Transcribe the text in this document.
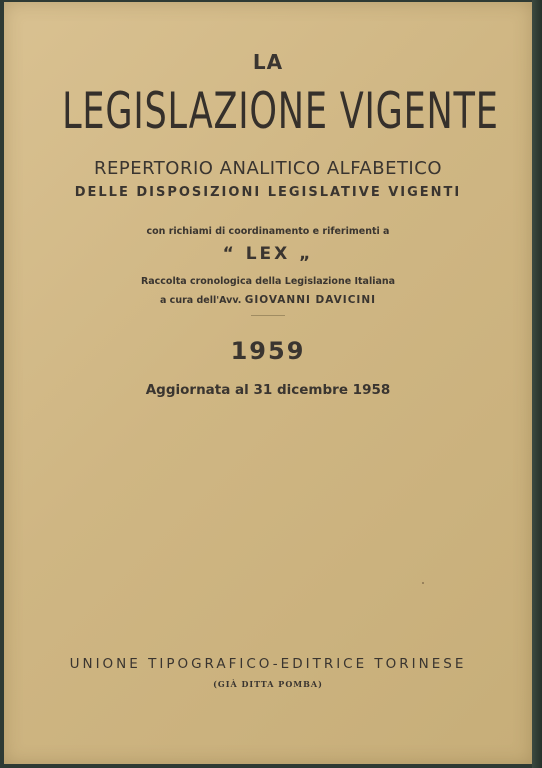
LA
LEGISLAZIONE VIGENTE
REPERTORIO ANALITICO ALFABETICO
DELLE DISPOSIZIONI LEGISLATIVE VIGENTI
con richiami di coordinamento e riferimenti a
“ LEX „
Raccolta cronologica della Legislazione Italiana
a cura dell'Avv. GIOVANNI DAVICINI
1959
Aggiornata al 31 dicembre 1958
UNIONE TIPOGRAFICO-EDITRICE TORINESE
(GIÀ DITTA POMBA)
